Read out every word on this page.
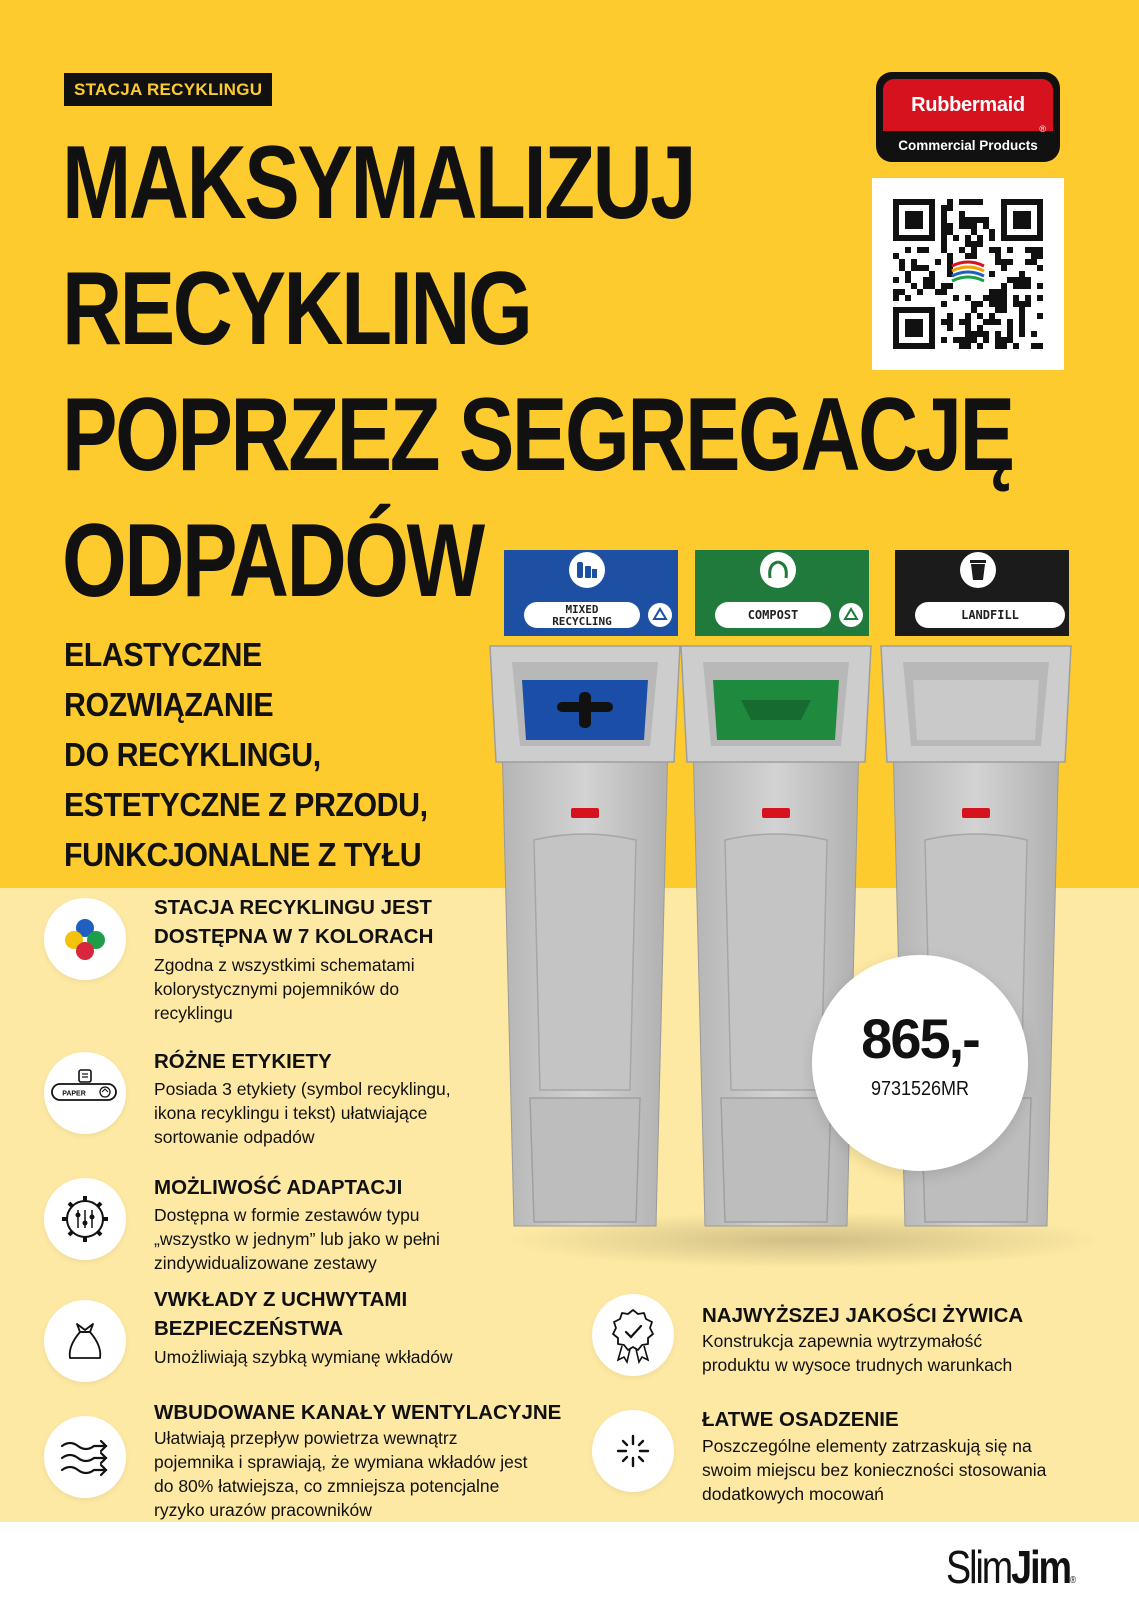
STACJA RECYKLINGU
MAKSYMALIZUJ
RECYKLING
POPRZEZ SEGREGACJĘ
ODPADÓW
ELASTYCZNE
ROZWIĄZANIE
DO RECYKLINGU,
ESTETYCZNE Z PRZODU,
FUNKCJONALNE Z TYŁU
Rubbermaid
®
Commercial Products
MIXED
RECYCLING	COMPOST	LANDFILL
865,-
9731526MR
STACJA RECYKLINGU JEST
DOSTĘPNA W 7 KOLORACH

Zgodna z wszystkimi schematami
kolorystycznymi pojemników do
recyklingu

PAPER
RÓŻNE ETYKIETY

Posiada 3 etykiety (symbol recyklingu,
ikona recyklingu i tekst) ułatwiające
sortowanie odpadów

MOŻLIWOŚĆ ADAPTACJI

Dostępna w formie zestawów typu
„wszystko w jednym” lub jako w pełni
zindywidualizowane zestawy

VWKŁADY Z UCHWYTAMI
BEZPIECZEŃSTWA

Umożliwiają szybką wymianę wkładów

WBUDOWANE KANAŁY WENTYLACYJNE

Ułatwiają przepływ powietrza wewnątrz
pojemnika i sprawiają, że wymiana wkładów jest
do 80% łatwiejsza, co zmniejsza potencjalne
ryzyko urazów pracowników

NAJWYŻSZEJ JAKOŚCI ŻYWICA

Konstrukcja zapewnia wytrzymałość
produktu w wysoce trudnych warunkach

ŁATWE OSADZENIE

Poszczególne elementy zatrzaskują się na
swoim miejscu bez konieczności stosowania
dodatkowych mocowań

SlimJim®
